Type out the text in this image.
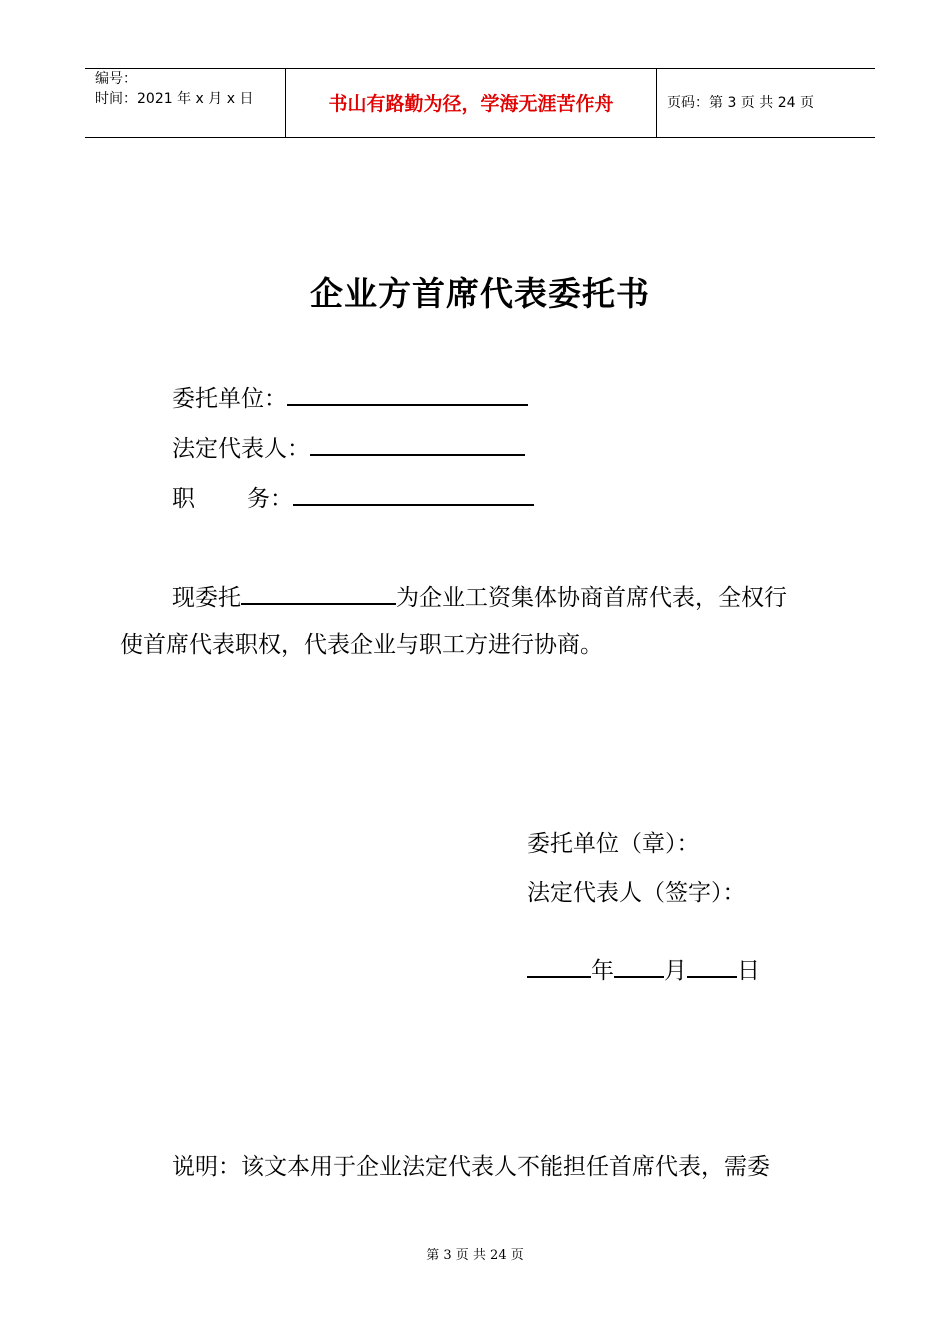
编号：
时间：2021 年 x 月 x 日	书山有路勤为径，学海无涯苦作舟	页码：第 3 页 共 24 页
企业方首席代表委托书
委托单位：
法定代表人：
职 务：
现委托	为企业工资集体协商首席代表，全权行
使首席代表职权，代表企业与职工方进行协商。
委托单位（章）：
法定代表人（签字）：
年 月 日
说明：该文本用于企业法定代表人不能担任首席代表，需委
第 3 页 共 24 页
